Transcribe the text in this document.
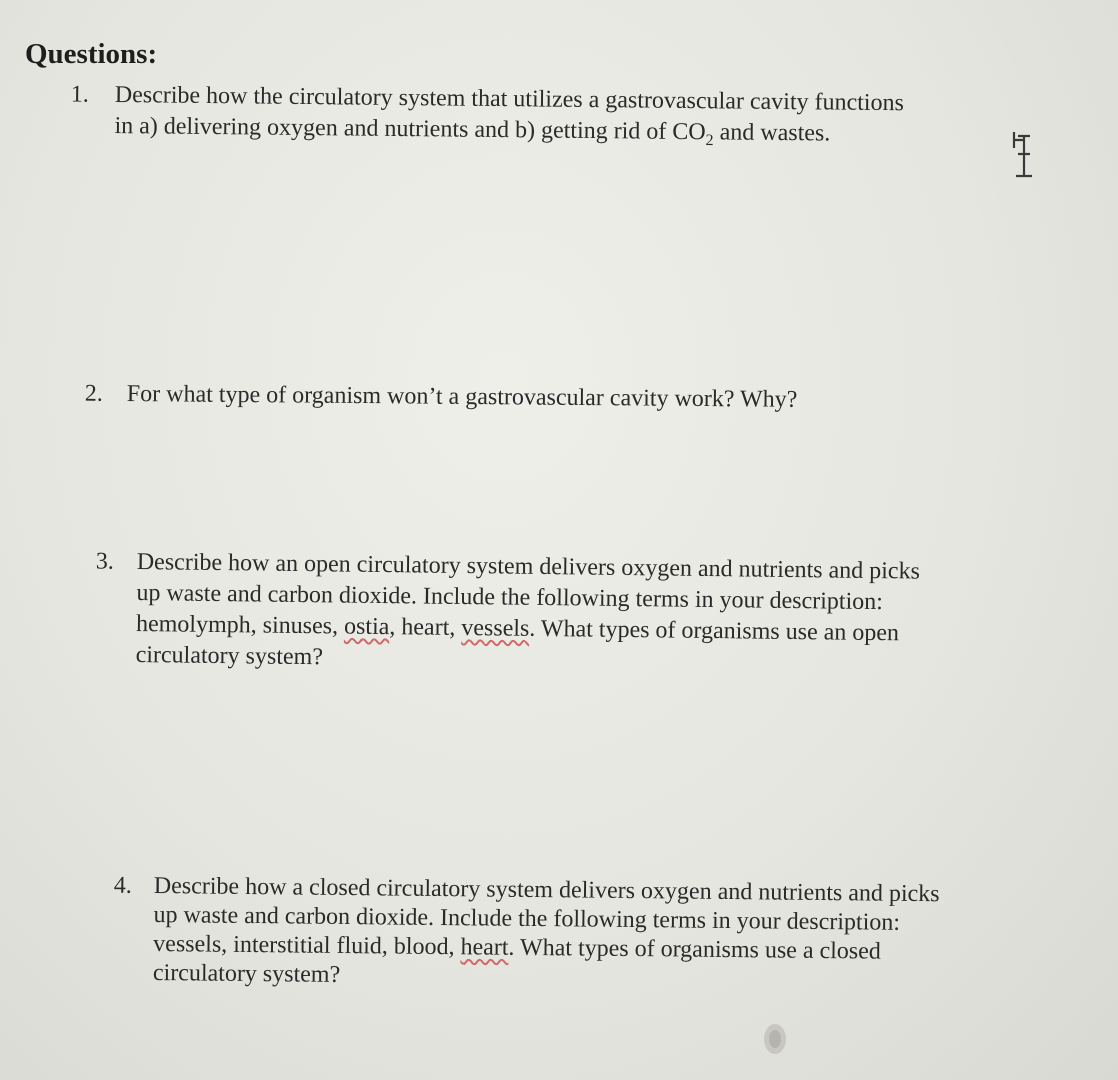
Questions:
1. Describe how the circulatory system that utilizes a gastrovascular cavity functions
in a) delivering oxygen and nutrients and b) getting rid of $CO_2$ and wastes.
2. For what type of organism won’t a gastrovascular cavity work? Why?
3. Describe how an open circulatory system delivers oxygen and nutrients and picks
up waste and carbon dioxide. Include the following terms in your description:
hemolymph, sinuses, ostia, heart, vessels. What types of organisms use an open
circulatory system?
4. Describe how a closed circulatory system delivers oxygen and nutrients and picks
up waste and carbon dioxide. Include the following terms in your description:
vessels, interstitial fluid, blood, heart. What types of organisms use a closed
circulatory system?
